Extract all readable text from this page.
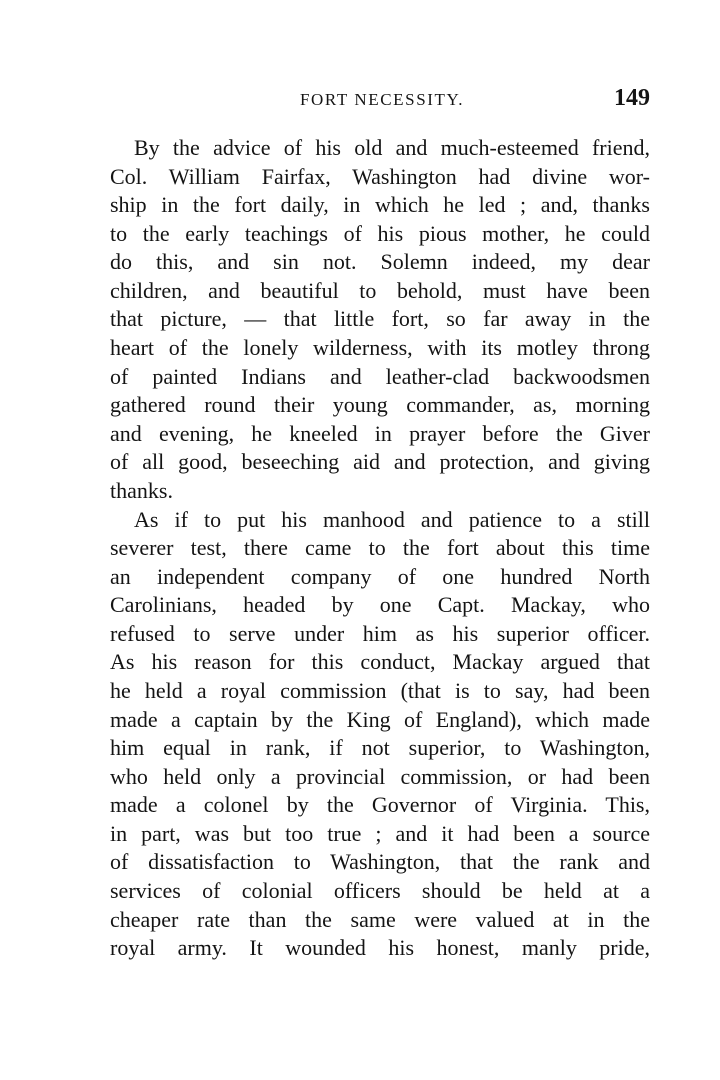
FORT NECESSITY.	149
By the advice of his old and much-esteemed friend,
Col. William Fairfax, Washington had divine wor-
ship in the fort daily, in which he led ; and, thanks
to the early teachings of his pious mother, he could
do this, and sin not. Solemn indeed, my dear
children, and beautiful to behold, must have been
that picture, — that little fort, so far away in the
heart of the lonely wilderness, with its motley throng
of painted Indians and leather-clad backwoodsmen
gathered round their young commander, as, morning
and evening, he kneeled in prayer before the Giver
of all good, beseeching aid and protection, and giving
thanks.
As if to put his manhood and patience to a still
severer test, there came to the fort about this time
an independent company of one hundred North
Carolinians, headed by one Capt. Mackay, who
refused to serve under him as his superior officer.
As his reason for this conduct, Mackay argued that
he held a royal commission (that is to say, had been
made a captain by the King of England), which made
him equal in rank, if not superior, to Washington,
who held only a provincial commission, or had been
made a colonel by the Governor of Virginia. This,
in part, was but too true ; and it had been a source
of dissatisfaction to Washington, that the rank and
services of colonial officers should be held at a
cheaper rate than the same were valued at in the
royal army. It wounded his honest, manly pride,
